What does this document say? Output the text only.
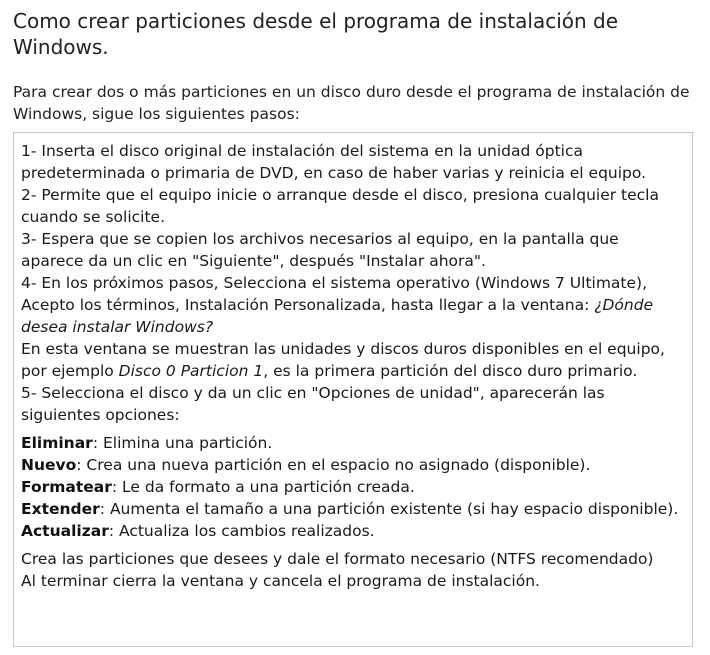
Como crear particiones desde el programa de instalación de Windows.

Para crear dos o más particiones en un disco duro desde el programa de instalación de Windows, sigue los siguientes pasos:

1- Inserta el disco original de instalación del sistema en la unidad óptica predeterminada o primaria de DVD, en caso de haber varias y reinicia el equipo.

2- Permite que el equipo inicie o arranque desde el disco, presiona cualquier tecla cuando se solicite.

3- Espera que se copien los archivos necesarios al equipo, en la pantalla que aparece da un clic en "Siguiente", después "Instalar ahora".

4- En los próximos pasos, Selecciona el sistema operativo (Windows 7 Ultimate), Acepto los términos, Instalación Personalizada, hasta llegar a la ventana: ¿Dónde desea instalar Windows?

En esta ventana se muestran las unidades y discos duros disponibles en el equipo, por ejemplo Disco 0 Particion 1, es la primera partición del disco duro primario.

5- Selecciona el disco y da un clic en "Opciones de unidad", aparecerán las siguientes opciones:

Eliminar: Elimina una partición.

Nuevo: Crea una nueva partición en el espacio no asignado (disponible).

Formatear: Le da formato a una partición creada.

Extender: Aumenta el tamaño a una partición existente (si hay espacio disponible).

Actualizar: Actualiza los cambios realizados.

Crea las particiones que desees y dale el formato necesario (NTFS recomendado)

Al terminar cierra la ventana y cancela el programa de instalación.
